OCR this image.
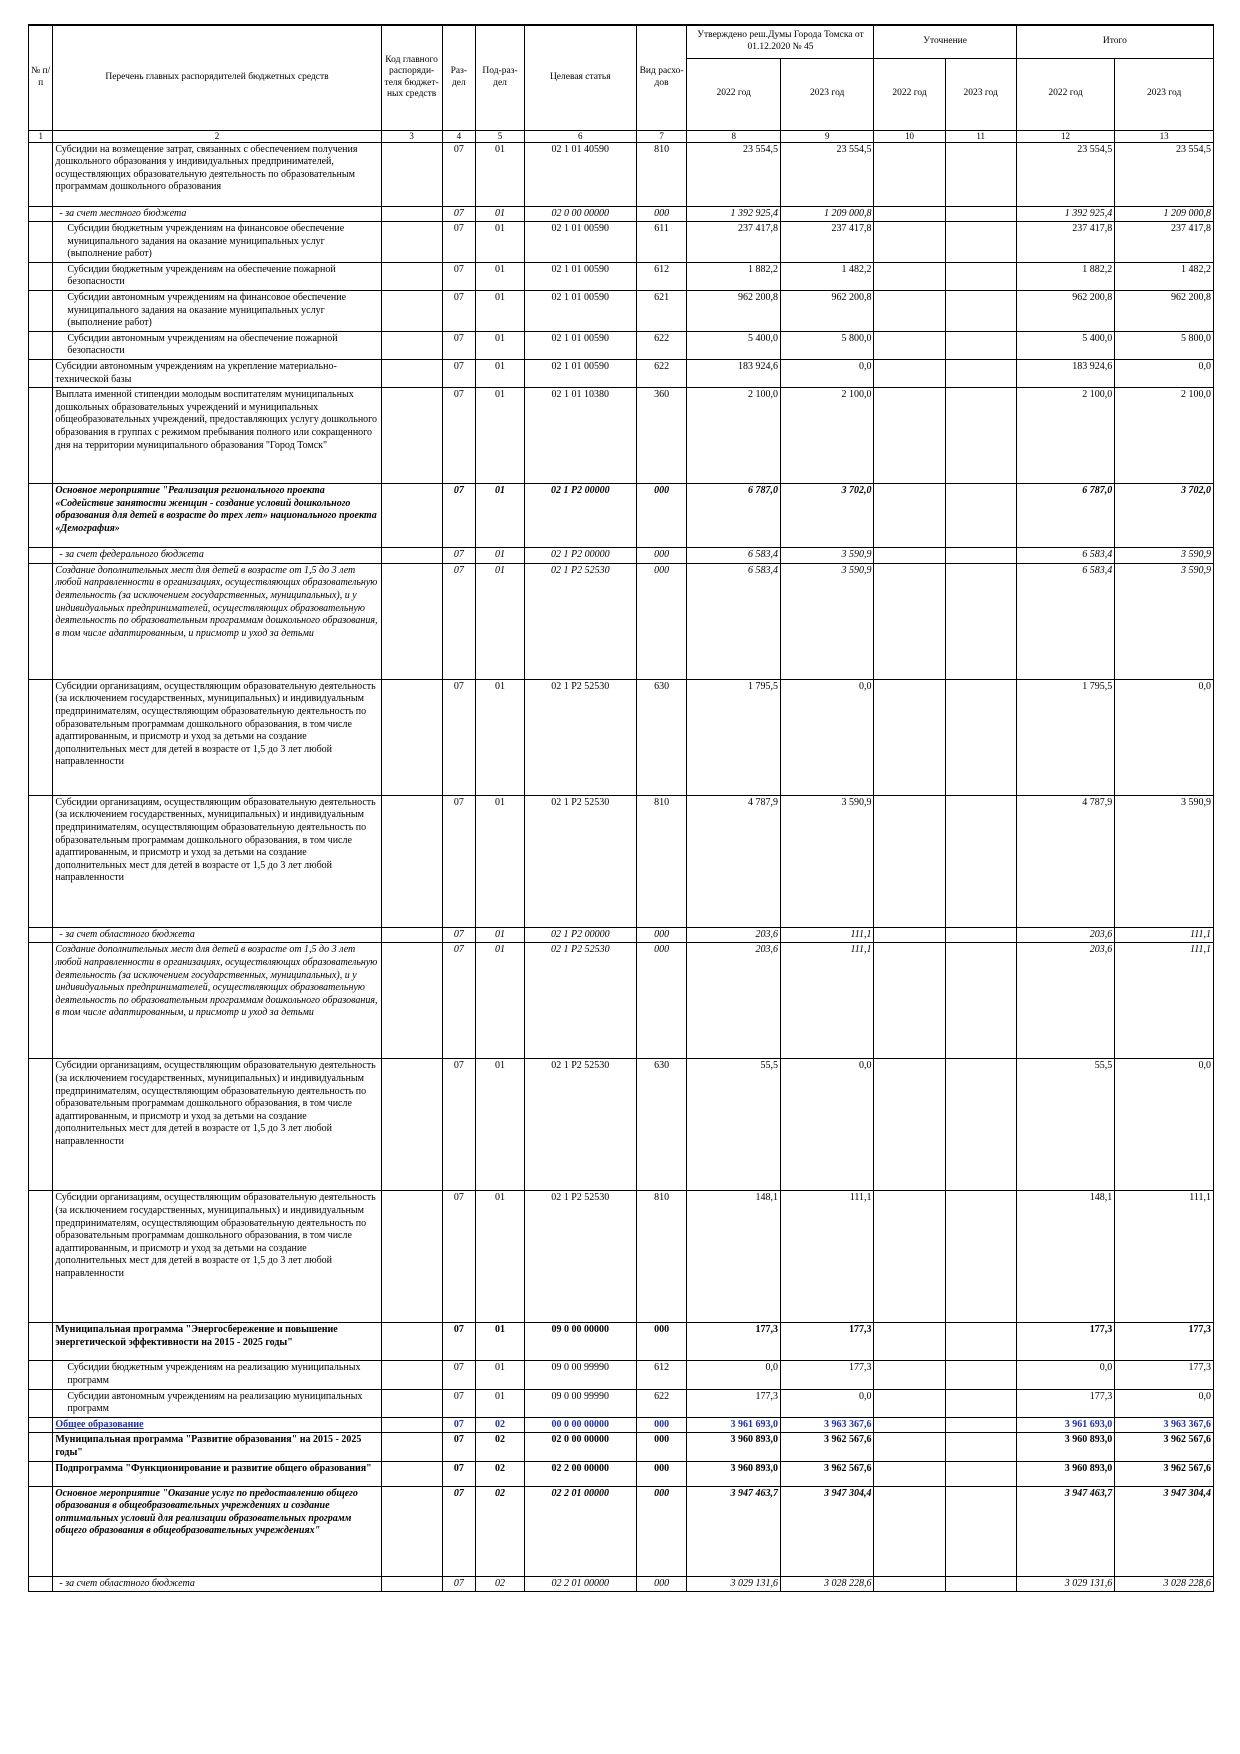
№ п/п	Перечень главных распорядителей бюджетных средств	Код главного распоряди-теля бюджет-ных средств	Раз-дел	Под-раз-дел	Целевая статья	Вид расхо-дов	Утверждено реш.Думы Города Томска от 01.12.2020 № 45		Уточнение		Итого	
							2022 год	2023 год	2022 год	2023 год	2022 год	2023 год
1	2	3	4	5	6	7	8	9	10	11	12	13
	Субсидии на возмещение затрат, связанных с обеспечением получения дошкольного образования у индивидуальных предпринимателей, осуществляющих образовательную деятельность по образовательным программам дошкольного образования		07	01	02 1 01 40590	810	23 554,5	23 554,5			23 554,5	23 554,5
	- за счет местного бюджета		07	01	02 0 00 00000	000	1 392 925,4	1 209 000,8			1 392 925,4	1 209 000,8
	Субсидии бюджетным учреждениям на финансовое обеспечение муниципального задания на оказание муниципальных услуг (выполнение работ)		07	01	02 1 01 00590	611	237 417,8	237 417,8			237 417,8	237 417,8
	Субсидии бюджетным учреждениям на обеспечение пожарной безопасности		07	01	02 1 01 00590	612	1 882,2	1 482,2			1 882,2	1 482,2
	Субсидии автономным учреждениям на финансовое обеспечение муниципального задания на оказание муниципальных услуг (выполнение работ)		07	01	02 1 01 00590	621	962 200,8	962 200,8			962 200,8	962 200,8
	Субсидии автономным учреждениям на обеспечение пожарной безопасности		07	01	02 1 01 00590	622	5 400,0	5 800,0			5 400,0	5 800,0
	Субсидии автономным учреждениям на укрепление материально-технической базы		07	01	02 1 01 00590	622	183 924,6	0,0			183 924,6	0,0
	Выплата именной стипендии молодым воспитателям муниципальных дошкольных образовательных учреждений и муниципальных общеобразовательных учреждений, предоставляющих услугу дошкольного образования в группах с режимом пребывания полного или сокращенного дня на территории муниципального образования "Город Томск"		07	01	02 1 01 10380	360	2 100,0	2 100,0			2 100,0	2 100,0
	Основное мероприятие "Реализация регионального проекта «Содействие занятости женщин - создание условий дошкольного образования для детей в возрасте до трех лет» национального проекта «Демография»		07	01	02 1 P2 00000	000	6 787,0	3 702,0			6 787,0	3 702,0
	- за счет федерального бюджета		07	01	02 1 P2 00000	000	6 583,4	3 590,9			6 583,4	3 590,9
	Создание дополнительных мест для детей в возрасте от 1,5 до 3 лет любой направленности в организациях, осуществляющих образовательную деятельность (за исключением государственных, муниципальных), и у индивидуальных предпринимателей, осуществляющих образовательную деятельность по образовательным программам дошкольного образования, в том числе адаптированным, и присмотр и уход за детьми		07	01	02 1 P2 52530	000	6 583,4	3 590,9			6 583,4	3 590,9
	Субсидии организациям, осуществляющим образовательную деятельность (за исключением государственных, муниципальных) и индивидуальным предпринимателям, осуществляющим образовательную деятельность по образовательным программам дошкольного образования, в том числе адаптированным, и присмотр и уход за детьми на создание дополнительных мест для детей в возрасте от 1,5 до 3 лет любой направленности		07	01	02 1 P2 52530	630	1 795,5	0,0			1 795,5	0,0
	Субсидии организациям, осуществляющим образовательную деятельность (за исключением государственных, муниципальных) и индивидуальным предпринимателям, осуществляющим образовательную деятельность по образовательным программам дошкольного образования, в том числе адаптированным, и присмотр и уход за детьми на создание дополнительных мест для детей в возрасте от 1,5 до 3 лет любой направленности		07	01	02 1 P2 52530	810	4 787,9	3 590,9			4 787,9	3 590,9
	- за счет областного бюджета		07	01	02 1 P2 00000	000	203,6	111,1			203,6	111,1
	Создание дополнительных мест для детей в возрасте от 1,5 до 3 лет любой направленности в организациях, осуществляющих образовательную деятельность (за исключением государственных, муниципальных), и у индивидуальных предпринимателей, осуществляющих образовательную деятельность по образовательным программам дошкольного образования, в том числе адаптированным, и присмотр и уход за детьми		07	01	02 1 P2 52530	000	203,6	111,1			203,6	111,1
	Субсидии организациям, осуществляющим образовательную деятельность (за исключением государственных, муниципальных) и индивидуальным предпринимателям, осуществляющим образовательную деятельность по образовательным программам дошкольного образования, в том числе адаптированным, и присмотр и уход за детьми на создание дополнительных мест для детей в возрасте от 1,5 до 3 лет любой направленности		07	01	02 1 P2 52530	630	55,5	0,0			55,5	0,0
	Субсидии организациям, осуществляющим образовательную деятельность (за исключением государственных, муниципальных) и индивидуальным предпринимателям, осуществляющим образовательную деятельность по образовательным программам дошкольного образования, в том числе адаптированным, и присмотр и уход за детьми на создание дополнительных мест для детей в возрасте от 1,5 до 3 лет любой направленности		07	01	02 1 P2 52530	810	148,1	111,1			148,1	111,1
	Муниципальная программа "Энергосбережение и повышение энергетической эффективности на 2015 - 2025 годы"		07	01	09 0 00 00000	000	177,3	177,3			177,3	177,3
	Субсидии бюджетным учреждениям на реализацию муниципальных программ		07	01	09 0 00 99990	612	0,0	177,3			0,0	177,3
	Субсидии автономным учреждениям на реализацию муниципальных программ		07	01	09 0 00 99990	622	177,3	0,0			177,3	0,0
	Общее образование		07	02	00 0 00 00000	000	3 961 693,0	3 963 367,6			3 961 693,0	3 963 367,6
	Муниципальная программа "Развитие образования" на 2015 - 2025 годы"		07	02	02 0 00 00000	000	3 960 893,0	3 962 567,6			3 960 893,0	3 962 567,6
	Подпрограмма "Функционирование и развитие общего образования"		07	02	02 2 00 00000	000	3 960 893,0	3 962 567,6			3 960 893,0	3 962 567,6
	Основное мероприятие "Оказание услуг по предоставлению общего образования в общеобразовательных учреждениях и создание оптимальных условий для реализации образовательных программ общего образования в общеобразовательных учреждениях"		07	02	02 2 01 00000	000	3 947 463,7	3 947 304,4			3 947 463,7	3 947 304,4
	- за счет областного бюджета		07	02	02 2 01 00000	000	3 029 131,6	3 028 228,6			3 029 131,6	3 028 228,6
